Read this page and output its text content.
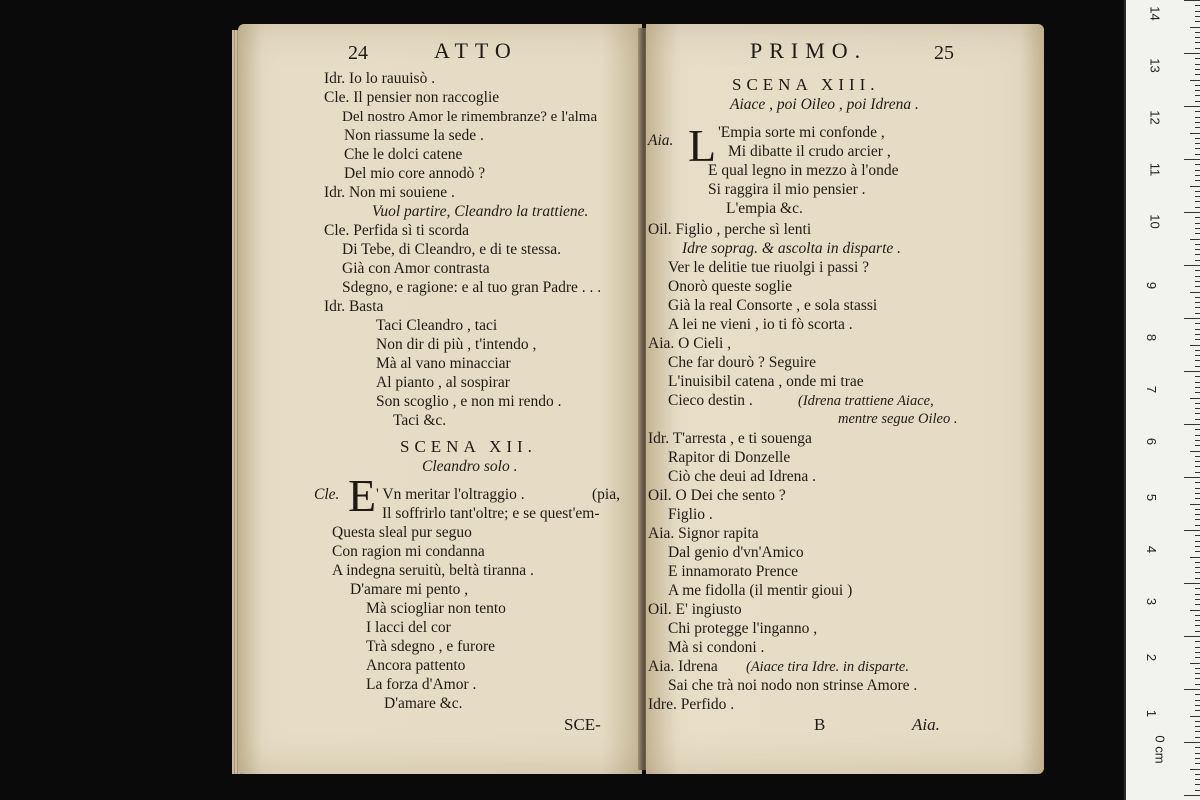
24	ATTO
Idr. Io lo rauuisò .
Cle. Il pensier non raccoglie
Del nostro Amor le rimembranze? e l'alma
Non riassume la sede .
Che le dolci catene
Del mio core annodò ?
Idr. Non mi souiene .
Vuol partire, Cleandro la trattiene.
Cle. Perfida sì ti scorda
Di Tebe, di Cleandro, e di te stessa.
Già con Amor contrasta
Sdegno, e ragione: e al tuo gran Padre . . .
Idr. Basta
Taci Cleandro , taci
Non dir di più , t'intendo ,
Mà al vano minacciar
Al pianto , al sospirar
Son scoglio , e non mi rendo .
Taci &c.
SCENA XII.
Cleandro solo .
Cle. E ' Vn meritar l'oltraggio .	(pia,
Il soffrirlo tant'oltre; e se quest'em-
Questa sleal pur seguo
Con ragion mi condanna
A indegna seruitù, beltà tiranna .
D'amare mi pento ,
Mà sciogliar non tento
I lacci del cor
Trà sdegno , e furore
Ancora pattento
La forza d'Amor .
D'amare &c.
SCE-
PRIMO.	25
SCENA XIII.
Aiace , poi Oileo , poi Idrena .
Aia. L 'Empia sorte mi confonde ,
Mi dibatte il crudo arcier ,
E qual legno in mezzo à l'onde
Si raggira il mio pensier .
L'empia &c.
Oil. Figlio , perche sì lenti
Idre soprag. & ascolta in disparte .
Ver le delitie tue riuolgi i passi ?
Onorò queste soglie
Già la real Consorte , e sola stassi
A lei ne vieni , io ti fò scorta .
Aia. O Cieli ,
Che far dourò ? Seguire
L'inuisibil catena , onde mi trae
Cieco destin .	(Idrena trattiene Aiace,
mentre segue Oileo .
Idr. T'arresta , e ti souenga
Rapitor di Donzelle
Ciò che deui ad Idrena .
Oil. O Dei che sento ?
Figlio .
Aia. Signor rapita
Dal genio d'vn'Amico
E innamorato Prence
A me fidolla (il mentir gioui )
Oil. E' ingiusto
Chi protegge l'inganno ,
Mà si condoni .
Aia. Idrena (Aiace tira Idre. in disparte.
Sai che trà noi nodo non strinse Amore .
Idre. Perfido .
B	Aia.
14
13
12
11
10
9
8
7
6
5
4
3
2
1
0 cm
